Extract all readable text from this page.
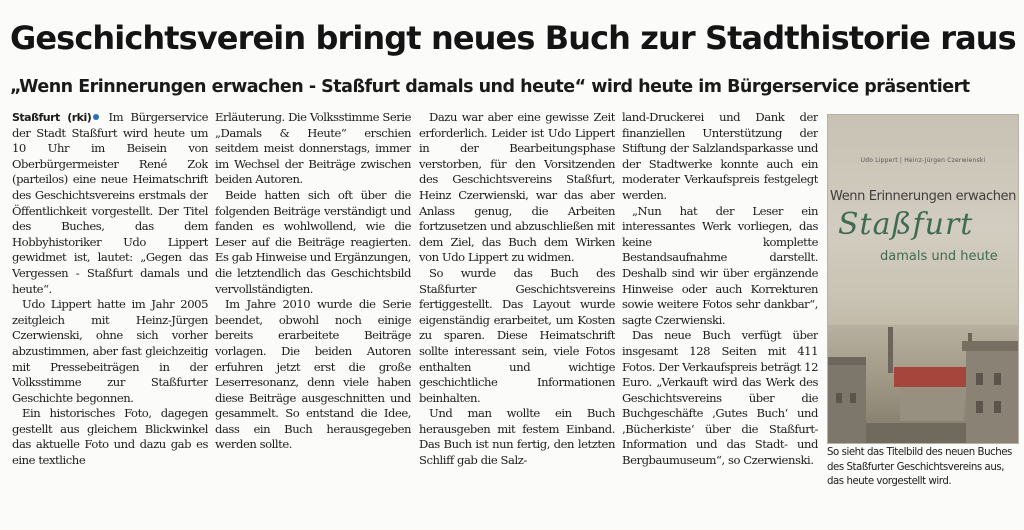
Geschichtsverein bringt neues Buch zur Stadthistorie raus
„Wenn Erinnerungen erwachen - Staßfurt damals und heute“ wird heute im Bürgerservice präsentiert

Staßfurt (rki) Im Bürgerservice der Stadt Staßfurt wird heute um 10 Uhr im Beisein von Oberbürgermeister René Zok (parteilos) eine neue Heimatschrift des Geschichtsvereins erstmals der Öffentlichkeit vorgestellt. Der Titel des Buches, das dem Hobbyhistoriker Udo Lippert gewidmet ist, lautet: „Gegen das Vergessen - Staßfurt damals und heute“.

Udo Lippert hatte im Jahr 2005 zeitgleich mit Heinz-Jürgen Czerwienski, ohne sich vorher abzustimmen, aber fast gleichzeitig mit Pressebeiträgen in der Volksstimme zur Staßfurter Geschichte begonnen.

Ein historisches Foto, dagegen gestellt aus gleichem Blickwinkel das aktuelle Foto und dazu gab es eine textliche

Erläuterung. Die Volksstimme Serie „Damals & Heute“ erschien seitdem meist donnerstags, immer im Wechsel der Beiträge zwischen beiden Autoren.

Beide hatten sich oft über die folgenden Beiträge verständigt und fanden es wohlwollend, wie die Leser auf die Beiträge reagierten. Es gab Hinweise und Ergänzungen, die letztendlich das Geschichtsbild vervollständigten.

Im Jahre 2010 wurde die Serie beendet, obwohl noch einige bereits erarbeitete Beiträge vorlagen. Die beiden Autoren erfuhren jetzt erst die große Leserresonanz, denn viele haben diese Beiträge ausgeschnitten und gesammelt. So entstand die Idee, dass ein Buch herausgegeben werden sollte.

Dazu war aber eine gewisse Zeit erforderlich. Leider ist Udo Lippert in der Bearbeitungsphase verstorben, für den Vorsitzenden des Geschichtsvereins Staßfurt, Heinz Czerwienski, war das aber Anlass genug, die Arbeiten fortzusetzen und abzuschließen mit dem Ziel, das Buch dem Wirken von Udo Lippert zu widmen.

So wurde das Buch des Staßfurter Geschichtsvereins fertiggestellt. Das Layout wurde eigenständig erarbeitet, um Kosten zu sparen. Diese Heimatschrift sollte interessant sein, viele Fotos enthalten und wichtige geschichtliche Informationen beinhalten.

Und man wollte ein Buch herausgeben mit festem Einband. Das Buch ist nun fertig, den letzten Schliff gab die Salz-

land-Druckerei und Dank der finanziellen Unterstützung der Stiftung der Salzlandsparkasse und der Stadtwerke konnte auch ein moderater Verkaufspreis festgelegt werden.

„Nun hat der Leser ein interessantes Werk vorliegen, das keine komplette Bestandsaufnahme darstellt. Deshalb sind wir über ergänzende Hinweise oder auch Korrekturen sowie weitere Fotos sehr dankbar“, sagte Czerwienski.

Das neue Buch verfügt über insgesamt 128 Seiten mit 411 Fotos. Der Verkaufspreis beträgt 12 Euro. „Verkauft wird das Werk des Geschichtsvereins über die Buchgeschäfte ‚Gutes Buch‘ und ‚Bücherkiste‘ über die Staßfurt-Information und das Stadt- und Bergbaumuseum“, so Czerwienski.

Udo Lippert | Heinz-Jürgen Czerwienski
Wenn Erinnerungen erwachen
Staßfurt
damals und heute
So sieht das Titelbild des neuen Buches des Staßfurter Geschichtsvereins aus, das heute vorgestellt wird.
